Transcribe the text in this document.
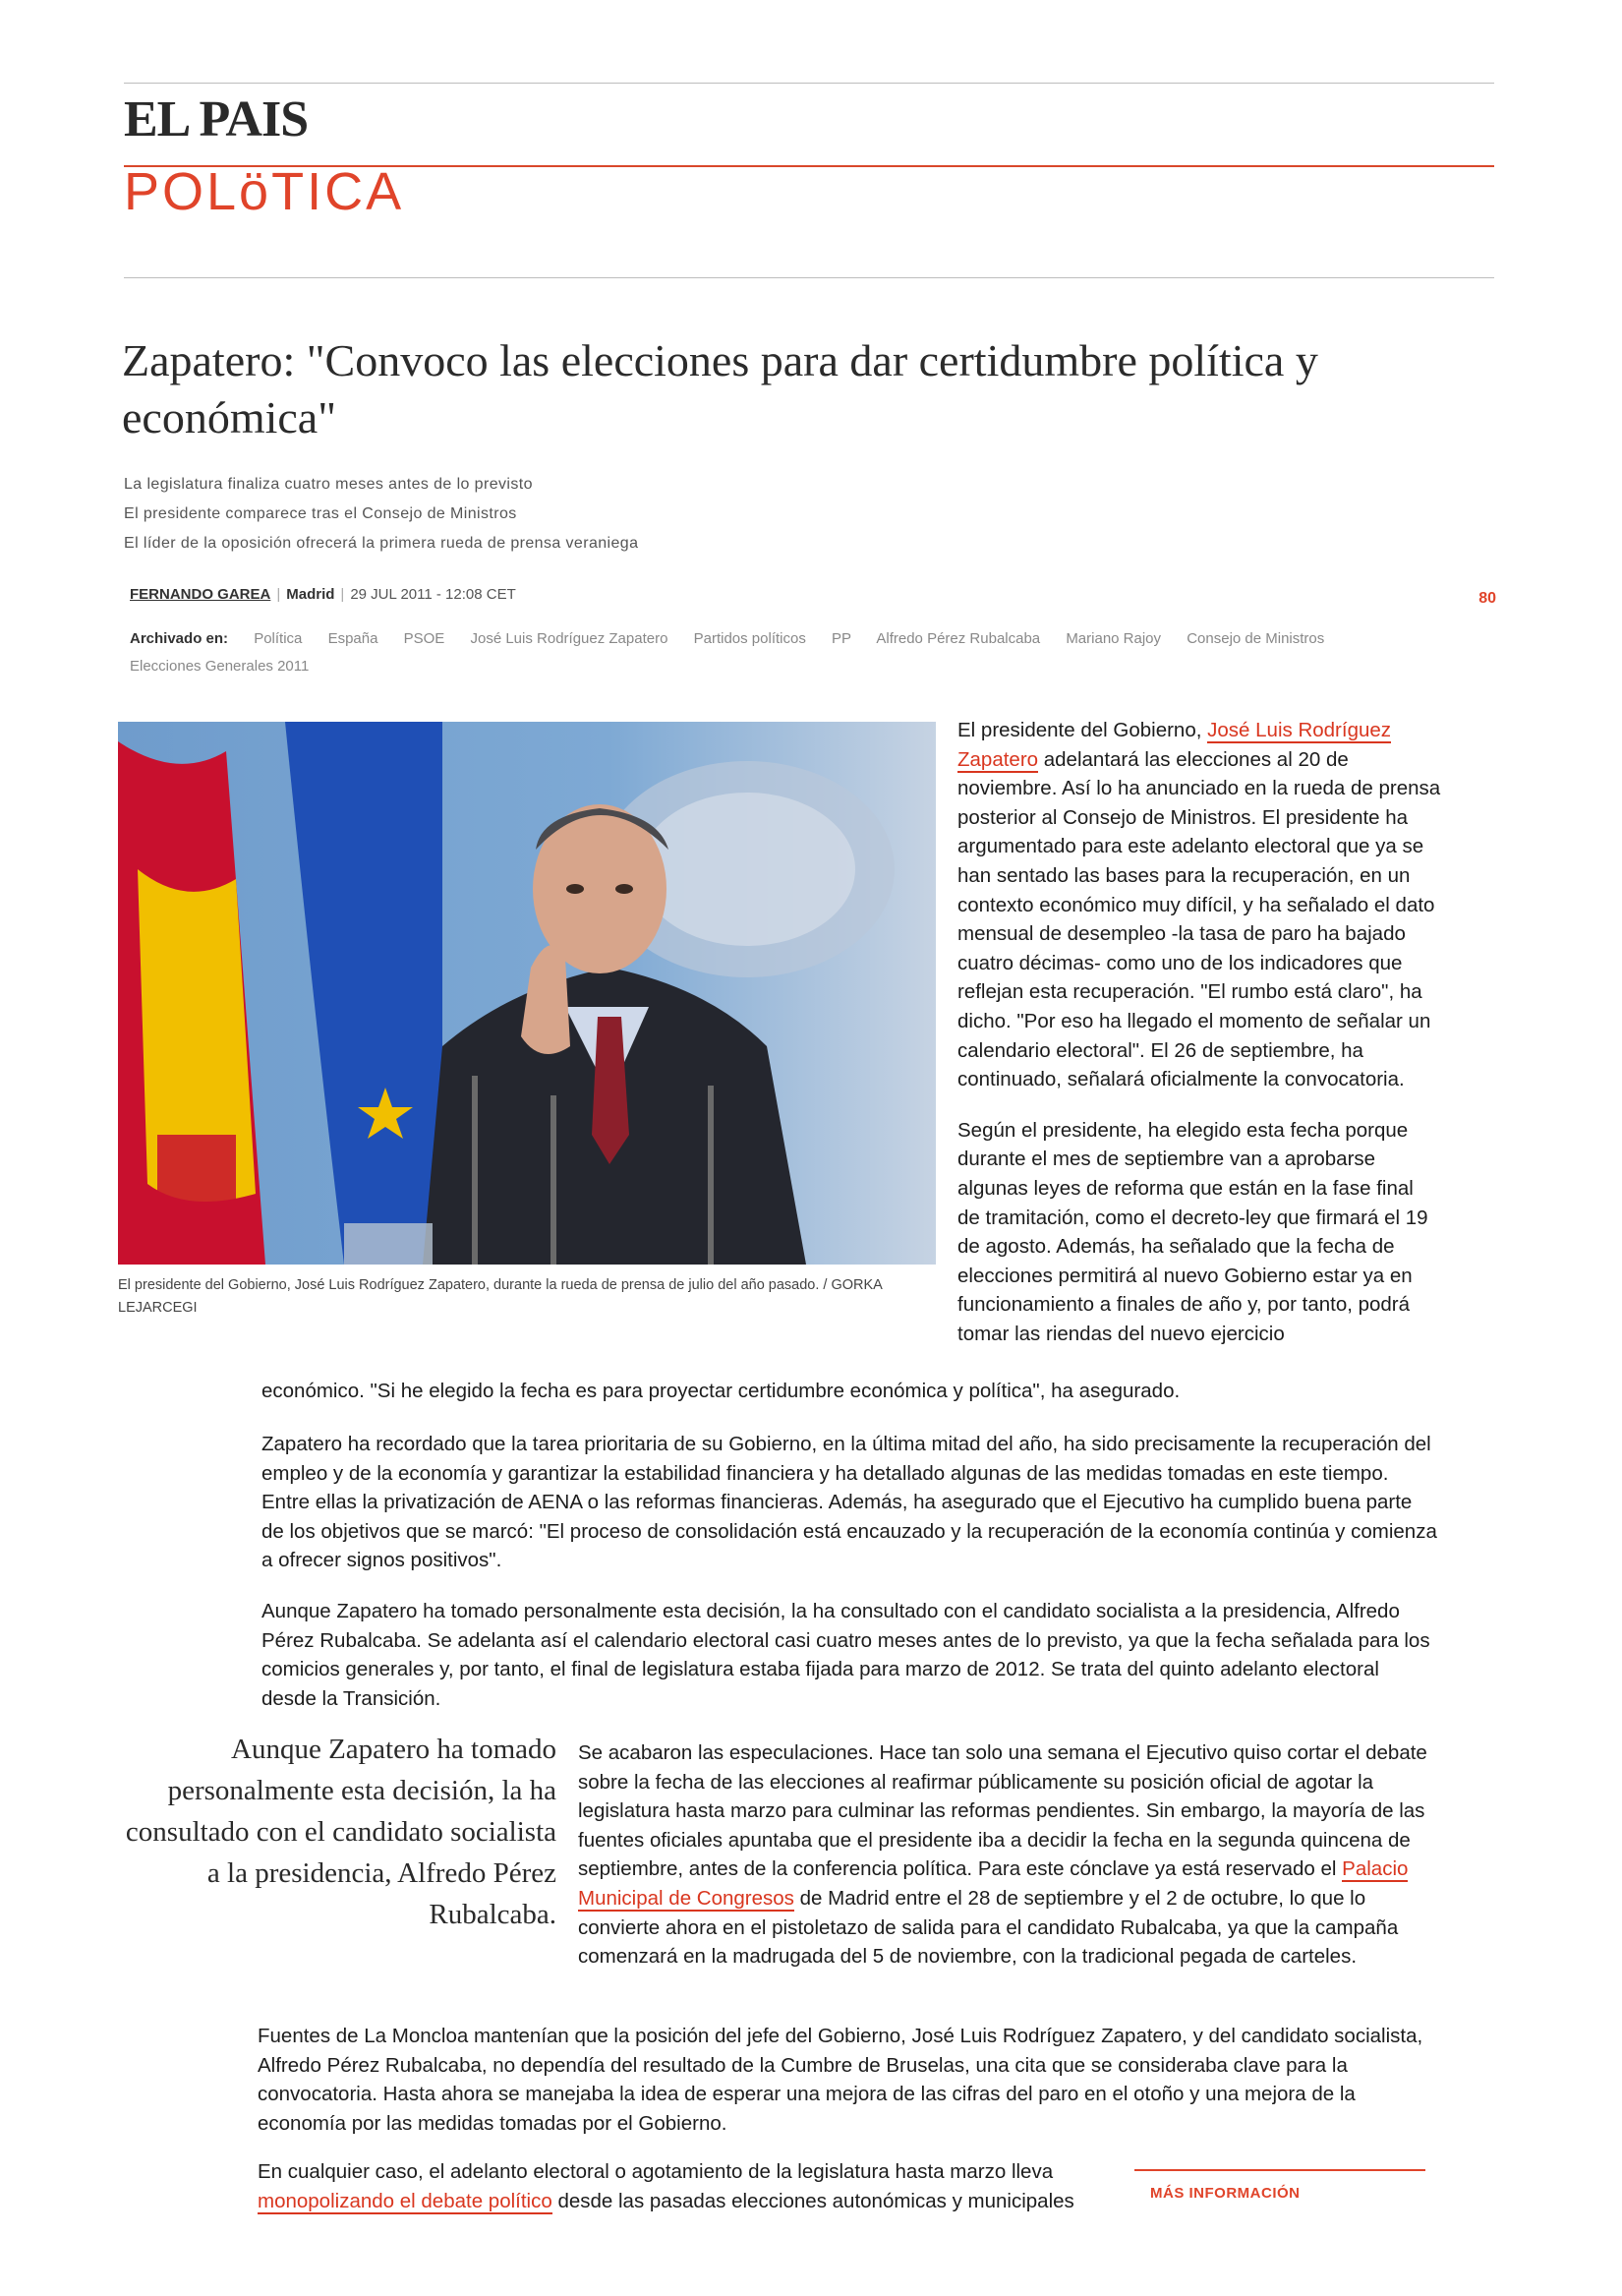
EL PAIS
POLöTICA
Zapatero: "Convoco las elecciones para dar certidumbre política y económica"
La legislatura finaliza cuatro meses antes de lo previsto
El presidente comparece tras el Consejo de Ministros
El líder de la oposición ofrecerá la primera rueda de prensa veraniega
FERNANDO GAREA | Madrid | 29 JUL 2011 - 12:08 CET	80
Archivado en: Política España PSOE José Luis Rodríguez Zapatero Partidos políticos PP Alfredo Pérez Rubalcaba Mariano Rajoy Consejo de Ministros
Elecciones Generales 2011
El presidente del Gobierno, José Luis Rodríguez Zapatero, durante la rueda de prensa de julio del año pasado. / GORKA LEJARCEGI

El presidente del Gobierno, José Luis Rodríguez Zapatero adelantará las elecciones al 20 de noviembre. Así lo ha anunciado en la rueda de prensa posterior al Consejo de Ministros. El presidente ha argumentado para este adelanto electoral que ya se han sentado las bases para la recuperación, en un contexto económico muy difícil, y ha señalado el dato mensual de desempleo -la tasa de paro ha bajado cuatro décimas- como uno de los indicadores que reflejan esta recuperación. "El rumbo está claro", ha dicho. "Por eso ha llegado el momento de señalar un calendario electoral". El 26 de septiembre, ha continuado, señalará oficialmente la convocatoria.

Según el presidente, ha elegido esta fecha porque durante el mes de septiembre van a aprobarse algunas leyes de reforma que están en la fase final de tramitación, como el decreto-ley que firmará el 19 de agosto. Además, ha señalado que la fecha de elecciones permitirá al nuevo Gobierno estar ya en funcionamiento a finales de año y, por tanto, podrá tomar las riendas del nuevo ejercicio

económico. "Si he elegido la fecha es para proyectar certidumbre económica y política", ha asegurado.
Zapatero ha recordado que la tarea prioritaria de su Gobierno, en la última mitad del año, ha sido precisamente la recuperación del empleo y de la economía y garantizar la estabilidad financiera y ha detallado algunas de las medidas tomadas en este tiempo. Entre ellas la privatización de AENA o las reformas financieras. Además, ha asegurado que el Ejecutivo ha cumplido buena parte de los objetivos que se marcó: "El proceso de consolidación está encauzado y la recuperación de la economía continúa y comienza a ofrecer signos positivos".
Aunque Zapatero ha tomado personalmente esta decisión, la ha consultado con el candidato socialista a la presidencia, Alfredo Pérez Rubalcaba. Se adelanta así el calendario electoral casi cuatro meses antes de lo previsto, ya que la fecha señalada para los comicios generales y, por tanto, el final de legislatura estaba fijada para marzo de 2012. Se trata del quinto adelanto electoral desde la Transición.
Aunque Zapatero ha tomado personalmente esta decisión, la ha consultado con el candidato socialista a la presidencia, Alfredo Pérez Rubalcaba.
Se acabaron las especulaciones. Hace tan solo una semana el Ejecutivo quiso cortar el debate sobre la fecha de las elecciones al reafirmar públicamente su posición oficial de agotar la legislatura hasta marzo para culminar las reformas pendientes. Sin embargo, la mayoría de las fuentes oficiales apuntaba que el presidente iba a decidir la fecha en la segunda quincena de septiembre, antes de la conferencia política. Para este cónclave ya está reservado el Palacio Municipal de Congresos de Madrid entre el 28 de septiembre y el 2 de octubre, lo que lo convierte ahora en el pistoletazo de salida para el candidato Rubalcaba, ya que la campaña comenzará en la madrugada del 5 de noviembre, con la tradicional pegada de carteles.
Fuentes de La Moncloa mantenían que la posición del jefe del Gobierno, José Luis Rodríguez Zapatero, y del candidato socialista, Alfredo Pérez Rubalcaba, no dependía del resultado de la Cumbre de Bruselas, una cita que se consideraba clave para la convocatoria. Hasta ahora se manejaba la idea de esperar una mejora de las cifras del paro en el otoño y una mejora de la economía por las medidas tomadas por el Gobierno.
En cualquier caso, el adelanto electoral o agotamiento de la legislatura hasta marzo lleva monopolizando el debate político desde las pasadas elecciones autonómicas y municipales	MÁS INFORMACIÓN
